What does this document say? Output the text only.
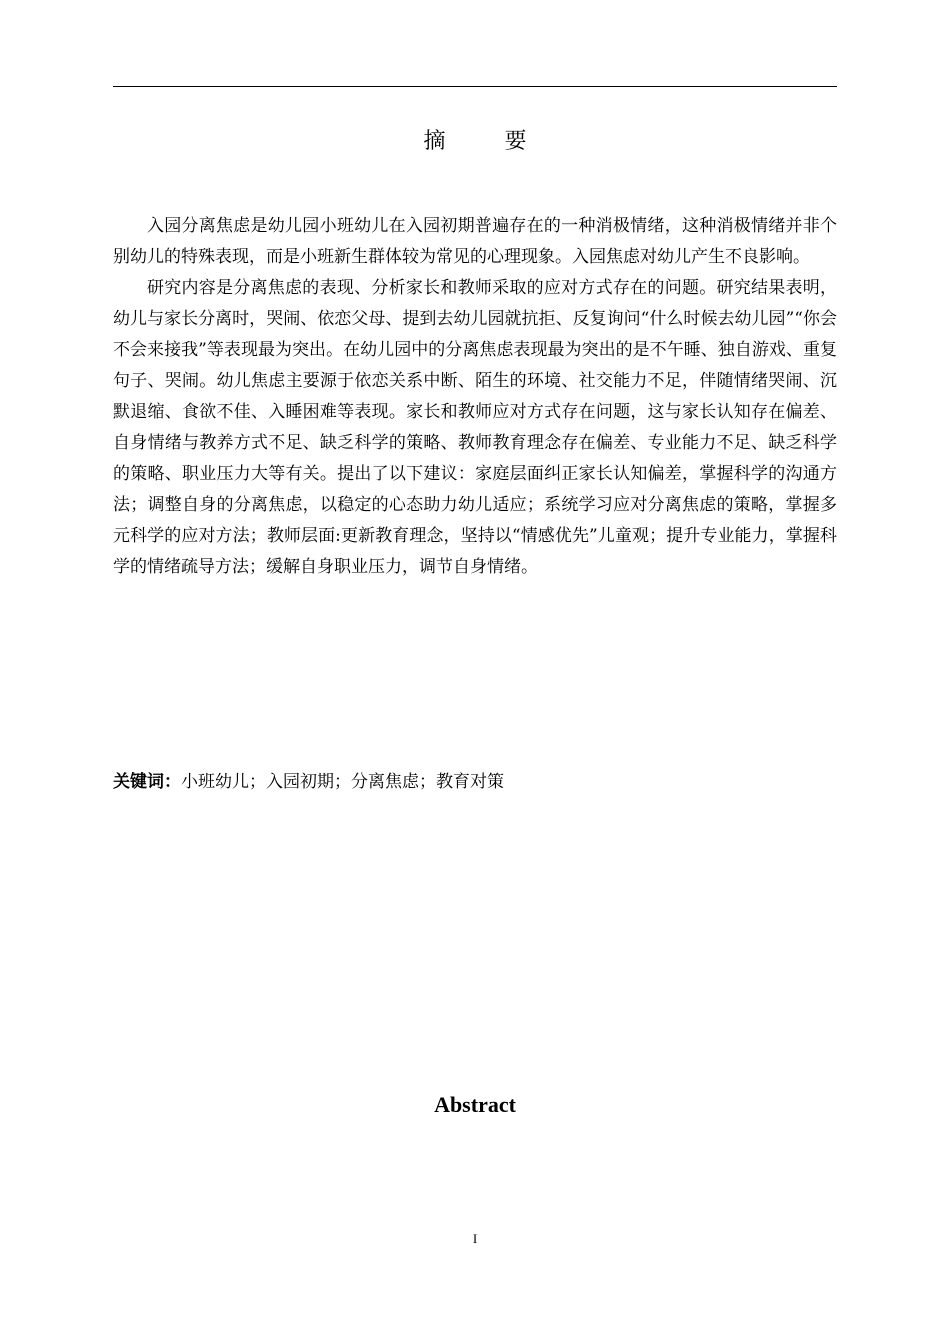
摘 要

入园分离焦虑是幼儿园小班幼儿在入园初期普遍存在的一种消极情绪，这种消极情绪并非个别幼儿的特殊表现，而是小班新生群体较为常见的心理现象。入园焦虑对幼儿产生不良影响。

研究内容是分离焦虑的表现、分析家长和教师采取的应对方式存在的问题。研究结果表明，幼儿与家长分离时，哭闹、依恋父母、提到去幼儿园就抗拒、反复询问“什么时候去幼儿园”“你会不会来接我”等表现最为突出。在幼儿园中的分离焦虑表现最为突出的是不午睡、独自游戏、重复句子、哭闹。幼儿焦虑主要源于依恋关系中断、陌生的环境、社交能力不足，伴随情绪哭闹、沉默退缩、食欲不佳、入睡困难等表现。家长和教师应对方式存在问题，这与家长认知存在偏差、自身情绪与教养方式不足、缺乏科学的策略、教师教育理念存在偏差、专业能力不足、缺乏科学的策略、职业压力大等有关。提出了以下建议：家庭层面纠正家长认知偏差，掌握科学的沟通方法；调整自身的分离焦虑，以稳定的心态助力幼儿适应；系统学习应对分离焦虑的策略，掌握多元科学的应对方法；教师层面:更新教育理念，坚持以“情感优先”儿童观；提升专业能力，掌握科学的情绪疏导方法；缓解自身职业压力，调节自身情绪。

关键词：小班幼儿；入园初期；分离焦虑；教育对策
Abstract
I
